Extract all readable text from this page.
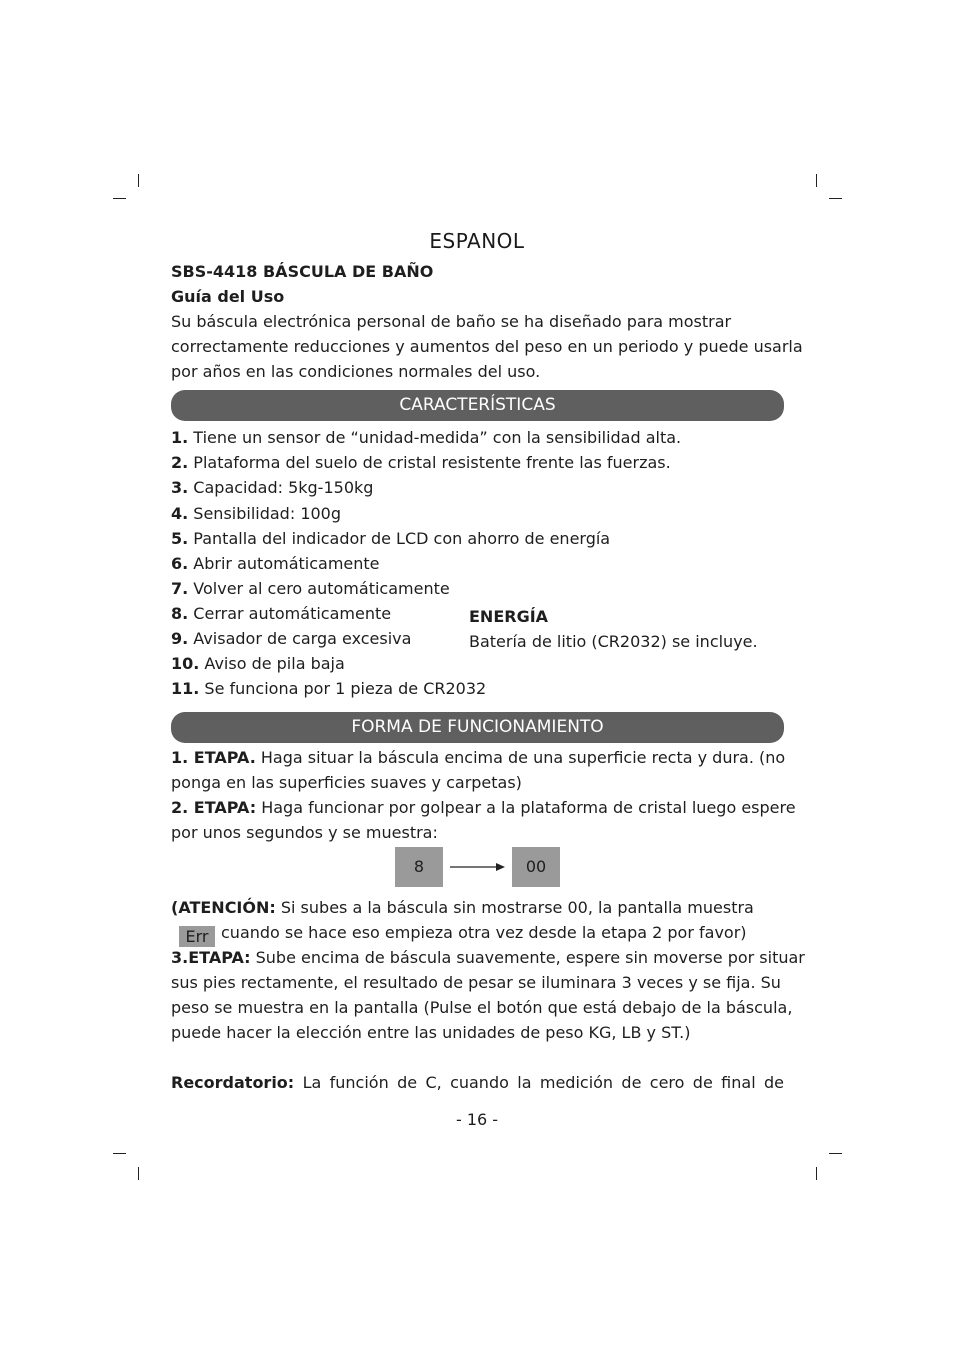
ESPANOL
SBS-4418 BÁSCULA DE BAÑO
Guía del Uso
Su báscula electrónica personal de baño se ha diseñado para mostrar
correctamente reducciones y aumentos del peso en un periodo y puede usarla
por años en las condiciones normales del uso.
CARACTERÍSTICAS
1. Tiene un sensor de “unidad-medida” con la sensibilidad alta.
2. Plataforma del suelo de cristal resistente frente las fuerzas.
3. Capacidad: 5kg-150kg
4. Sensibilidad: 100g
5. Pantalla del indicador de LCD con ahorro de energía
6. Abrir automáticamente
7. Volver al cero automáticamente
8. Cerrar automáticamente
9. Avisador de carga excesiva
10. Aviso de pila baja
11. Se funciona por 1 pieza de CR2032
ENERGÍA
Batería de litio (CR2032) se incluye.
FORMA DE FUNCIONAMIENTO
1. ETAPA. Haga situar la báscula encima de una superficie recta y dura. (no
ponga en las superficies suaves y carpetas)
2. ETAPA: Haga funcionar por golpear a la plataforma de cristal luego espere
por unos segundos y se muestra:
8	00
(ATENCIÓN: Si subes a la báscula sin mostrarse 00, la pantalla muestra
Err cuando se hace eso empieza otra vez desde la etapa 2 por favor)
3.ETAPA: Sube encima de báscula suavemente, espere sin moverse por situar
sus pies rectamente, el resultado de pesar se iluminara 3 veces y se fija. Su
peso se muestra en la pantalla (Pulse el botón que está debajo de la báscula,
puede hacer la elección entre las unidades de peso KG, LB y ST.)
Recordatorio: La función de C, cuando la medición de cero de final de
- 16 -
